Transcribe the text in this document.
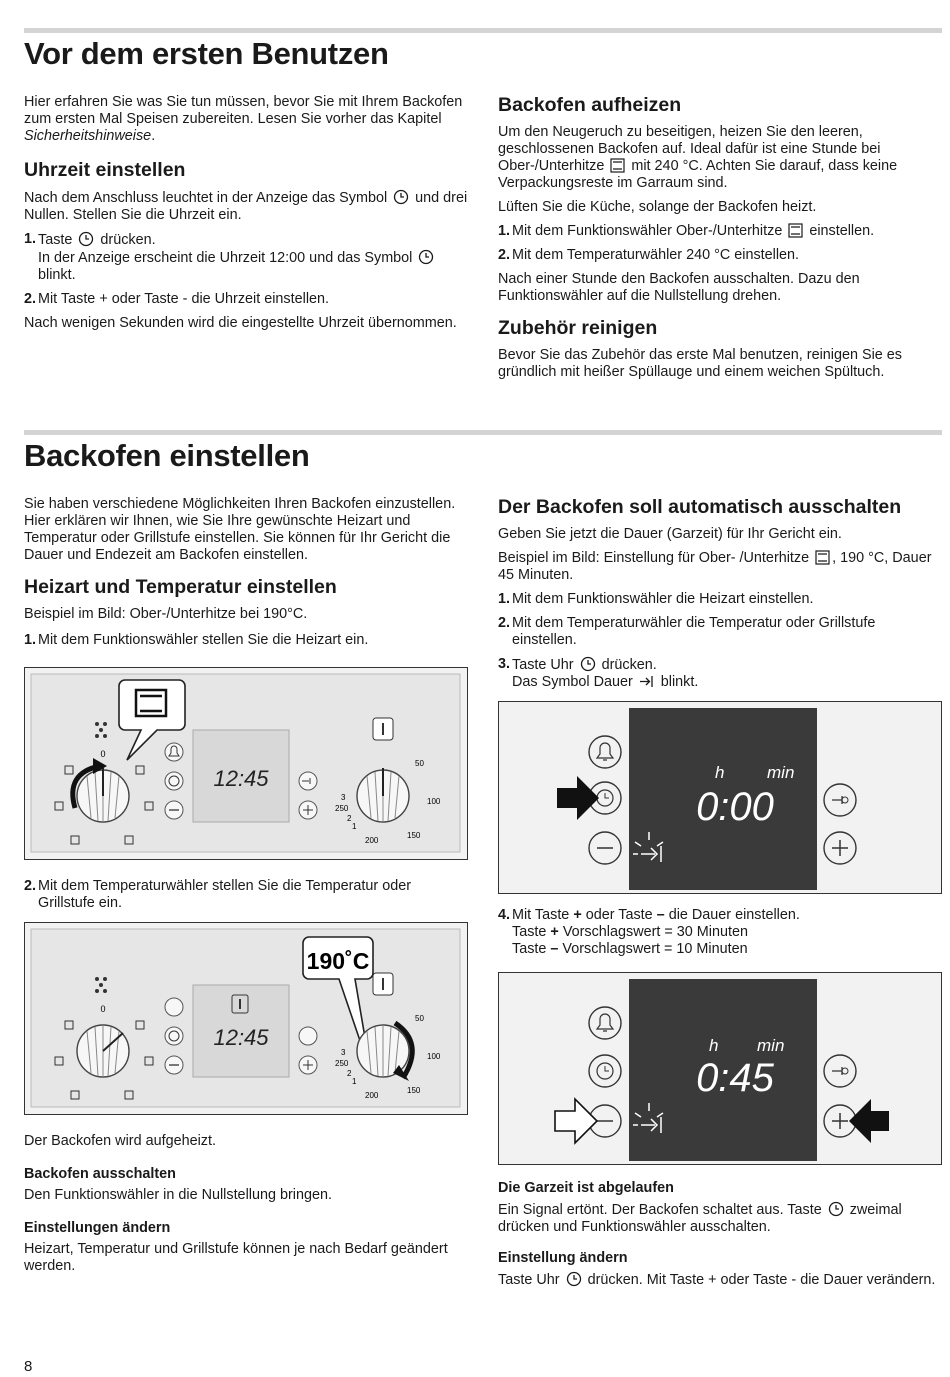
Vor dem ersten Benutzen

Hier erfahren Sie was Sie tun müssen, bevor Sie mit Ihrem Backofen zum ersten Mal Speisen zubereiten. Lesen Sie vorher das Kapitel Sicherheitshinweise.

Uhrzeit einstellen

Nach dem Anschluss leuchtet in der Anzeige das Symbol und drei Nullen. Stellen Sie die Uhrzeit ein.

1. Taste drücken.
In der Anzeige erscheint die Uhrzeit 12:00 und das Symbol  blinkt.
2. Mit Taste + oder Taste - die Uhrzeit einstellen.

Nach wenigen Sekunden wird die eingestellte Uhrzeit übernommen.

Backofen aufheizen

Um den Neugeruch zu beseitigen, heizen Sie den leeren, geschlossenen Backofen auf. Ideal dafür ist eine Stunde bei Ober-/Unterhitze mit 240 °C. Achten Sie darauf, dass keine Verpackungsreste im Garraum sind.

Lüften Sie die Küche, solange der Backofen heizt.

1. Mit dem Funktionswähler Ober-/Unterhitze einstellen.
2. Mit dem Temperaturwähler 240 °C einstellen.

Nach einer Stunde den Backofen ausschalten. Dazu den Funktionswähler auf die Nullstellung drehen.

Zubehör reinigen

Bevor Sie das Zubehör das erste Mal benutzen, reinigen Sie es gründlich mit heißer Spüllauge und einem weichen Spültuch.

Backofen einstellen

Sie haben verschiedene Möglichkeiten Ihren Backofen einzustellen. Hier erklären wir Ihnen, wie Sie Ihre gewünschte Heizart und Temperatur oder Grillstufe einstellen. Sie können für Ihr Gericht die Dauer und Endezeit am Backofen einstellen.

Heizart und Temperatur einstellen

Beispiel im Bild: Ober-/Unterhitze bei 190°C.

1. Mit dem Funktionswähler stellen Sie die Heizart ein.
0
12:45
50
100
150
200
250
3
2
1
2. Mit dem Temperaturwähler stellen Sie die Temperatur oder Grillstufe ein.
0
12:45
190˚C
50
100
150
200
250
3
2
1

Der Backofen wird aufgeheizt.

Backofen ausschalten

Den Funktionswähler in die Nullstellung bringen.

Einstellungen ändern

Heizart, Temperatur und Grillstufe können je nach Bedarf geändert werden.

Der Backofen soll automatisch ausschalten

Geben Sie jetzt die Dauer (Garzeit) für Ihr Gericht ein.

Beispiel im Bild: Einstellung für Ober- /Unterhitze , 190 °C, Dauer 45 Minuten.

1. Mit dem Funktionswähler die Heizart einstellen.
2. Mit dem Temperaturwähler die Temperatur oder Grillstufe einstellen.
3. Taste Uhr drücken.
Das Symbol Dauer blinkt.
h	min
0:00
4. Mit Taste + oder Taste – die Dauer einstellen.
Taste + Vorschlagswert = 30 Minuten
Taste – Vorschlagswert = 10 Minuten
h min
0:45
Die Garzeit ist abgelaufen

Ein Signal ertönt. Der Backofen schaltet aus. Taste zweimal drücken und Funktionswähler ausschalten.

Einstellung ändern

Taste Uhr drücken. Mit Taste + oder Taste - die Dauer verändern.

8
